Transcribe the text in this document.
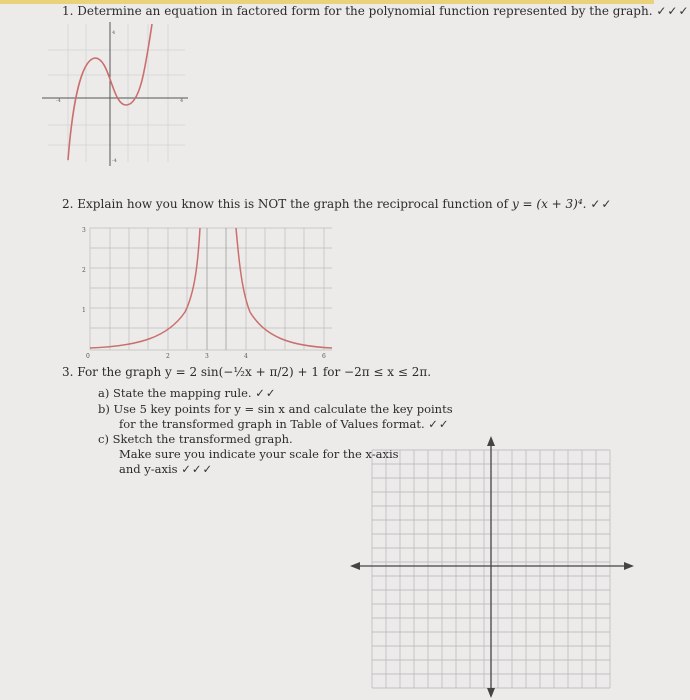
1. Determine an equation in factored form for the polynomial function represented by the graph. ✓✓✓
-4
4
-4
4
2. Explain how you know this is NOT the graph the reciprocal function of y = (x + 3)⁴. ✓✓
3
2
1
0	2	3	4	6
3. For the graph y = 2 sin(−½x + π/2) + 1 for −2π ≤ x ≤ 2π.
a) State the mapping rule. ✓✓
b) Use 5 key points for y = sin x and calculate the key points
for the transformed graph in Table of Values format. ✓✓
c) Sketch the transformed graph.
Make sure you indicate your scale for the x-axis
and y-axis ✓✓✓
